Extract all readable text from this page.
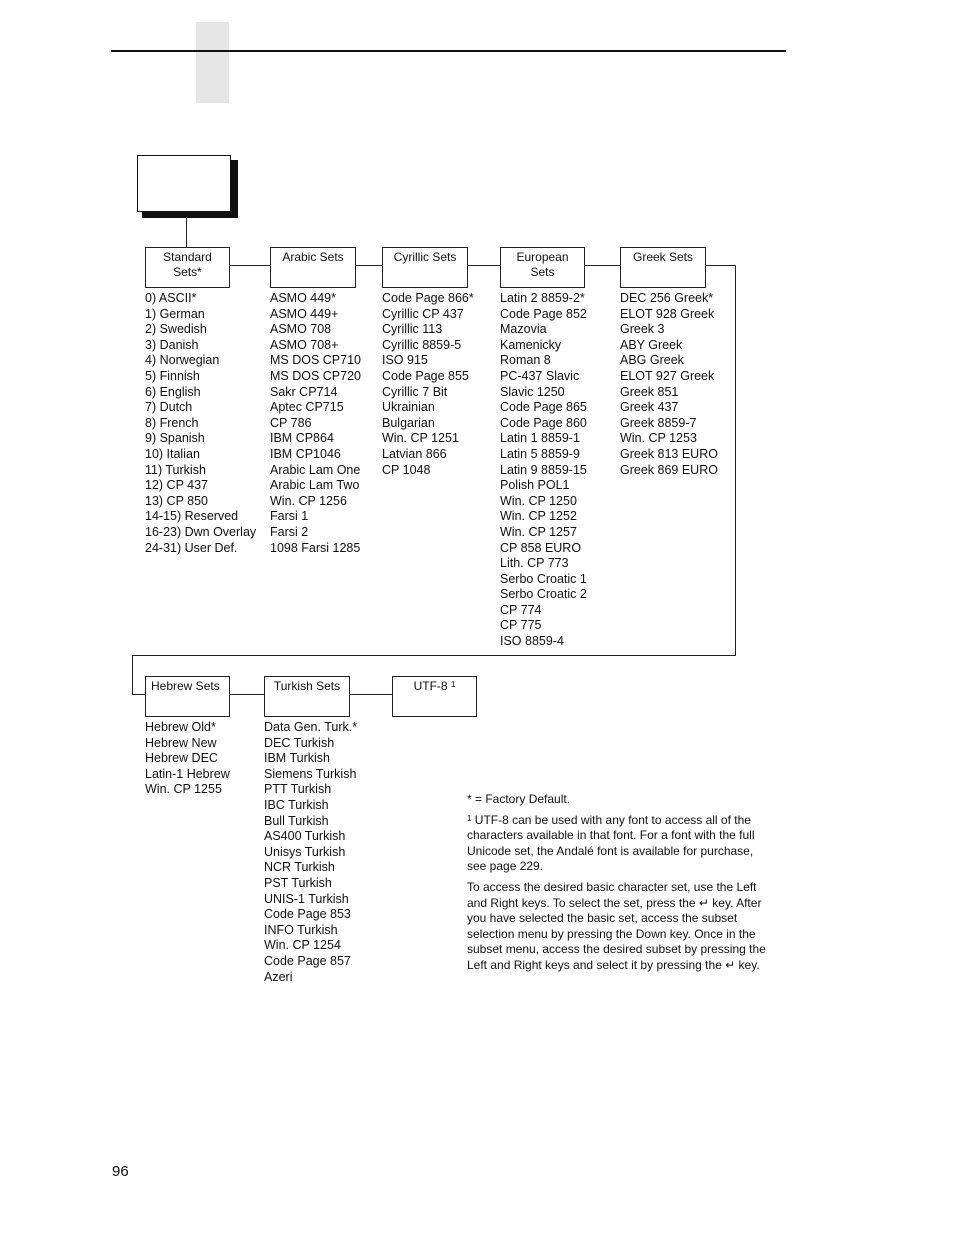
Standard Sets*
Arabic Sets	Cyrillic Sets	European Sets
Greek Sets
Hebrew Sets	Turkish Sets	UTF-8 $^1$
0) ASCII*
1) German
2) Swedish
3) Danish
4) Norwegian
5) Finnish
6) English
7) Dutch
8) French
9) Spanish
10) Italian
11) Turkish
12) CP 437
13) CP 850
14-15) Reserved
16-23) Dwn Overlay
24-31) User Def.
ASMO 449*
ASMO 449+
ASMO 708
ASMO 708+
MS DOS CP710
MS DOS CP720
Sakr CP714
Aptec CP715
CP 786
IBM CP864
IBM CP1046
Arabic Lam One
Arabic Lam Two
Win. CP 1256
Farsi 1
Farsi 2
1098 Farsi 1285
Code Page 866*
Cyrillic CP 437
Cyrillic 113
Cyrillic 8859-5
ISO 915
Code Page 855
Cyrillic 7 Bit
Ukrainian
Bulgarian
Win. CP 1251
Latvian 866
CP 1048
Latin 2 8859-2*
Code Page 852
Mazovia
Kamenicky
Roman 8
PC-437 Slavic
Slavic 1250
Code Page 865
Code Page 860
Latin 1 8859-1
Latin 5 8859-9
Latin 9 8859-15
Polish POL1
Win. CP 1250
Win. CP 1252
Win. CP 1257
CP 858 EURO
Lith. CP 773
Serbo Croatic 1
Serbo Croatic 2
CP 774
CP 775
ISO 8859-4
DEC 256 Greek*
ELOT 928 Greek
Greek 3
ABY Greek
ABG Greek
ELOT 927 Greek
Greek 851
Greek 437
Greek 8859-7
Win. CP 1253
Greek 813 EURO
Greek 869 EURO
Hebrew Old*
Hebrew New
Hebrew DEC
Latin-1 Hebrew
Win. CP 1255
Data Gen. Turk.*
DEC Turkish
IBM Turkish
Siemens Turkish
PTT Turkish
IBC Turkish
Bull Turkish
AS400 Turkish
Unisys Turkish
NCR Turkish
PST Turkish
UNIS-1 Turkish
Code Page 853
INFO Turkish
Win. CP 1254
Code Page 857
Azeri

* = Factory Default.

$^1$ UTF-8 can be used with any font to access all of the characters available in that font. For a font with the full Unicode set, the Andalé font is available for purchase, see page 229.

To access the desired basic character set, use the Left and Right keys. To select the set, press the ↵ key. After you have selected the basic set, access the subset selection menu by pressing the Down key. Once in the subset menu, access the desired subset by pressing the Left and Right keys and select it by pressing the ↵ key.

96
